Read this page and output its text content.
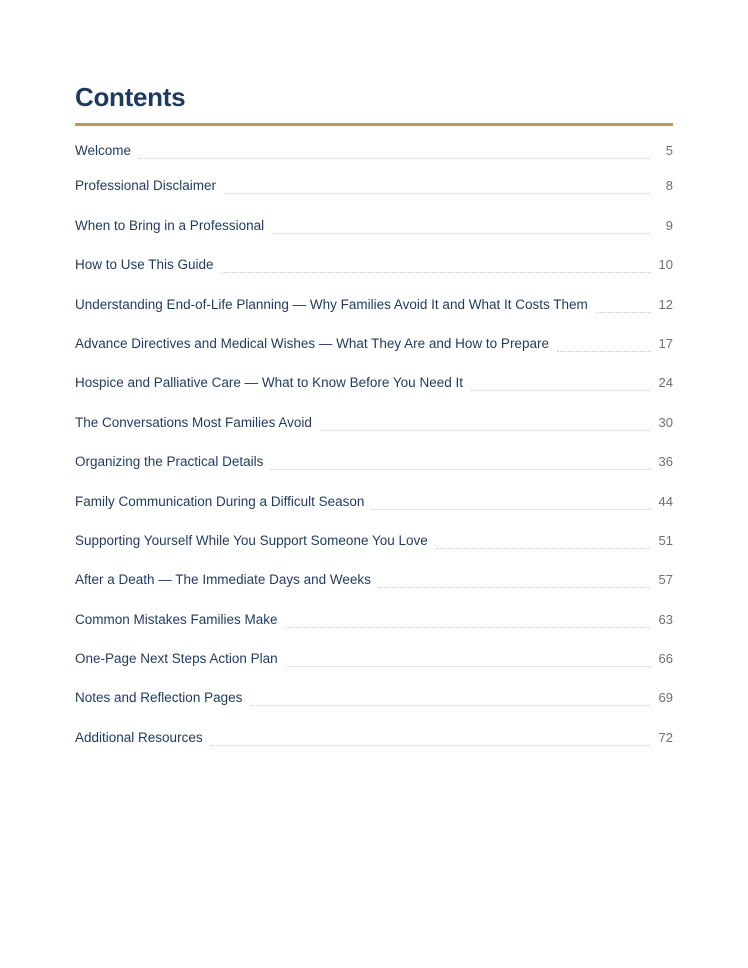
Contents
Welcome	5
Professional Disclaimer	8
When to Bring in a Professional	9
How to Use This Guide	10
Understanding End-of-Life Planning — Why Families Avoid It and What It Costs Them	12
Advance Directives and Medical Wishes — What They Are and How to Prepare	17
Hospice and Palliative Care — What to Know Before You Need It	24
The Conversations Most Families Avoid	30
Organizing the Practical Details	36
Family Communication During a Difficult Season	44
Supporting Yourself While You Support Someone You Love	51
After a Death — The Immediate Days and Weeks	57
Common Mistakes Families Make	63
One-Page Next Steps Action Plan	66
Notes and Reflection Pages	69
Additional Resources	72
